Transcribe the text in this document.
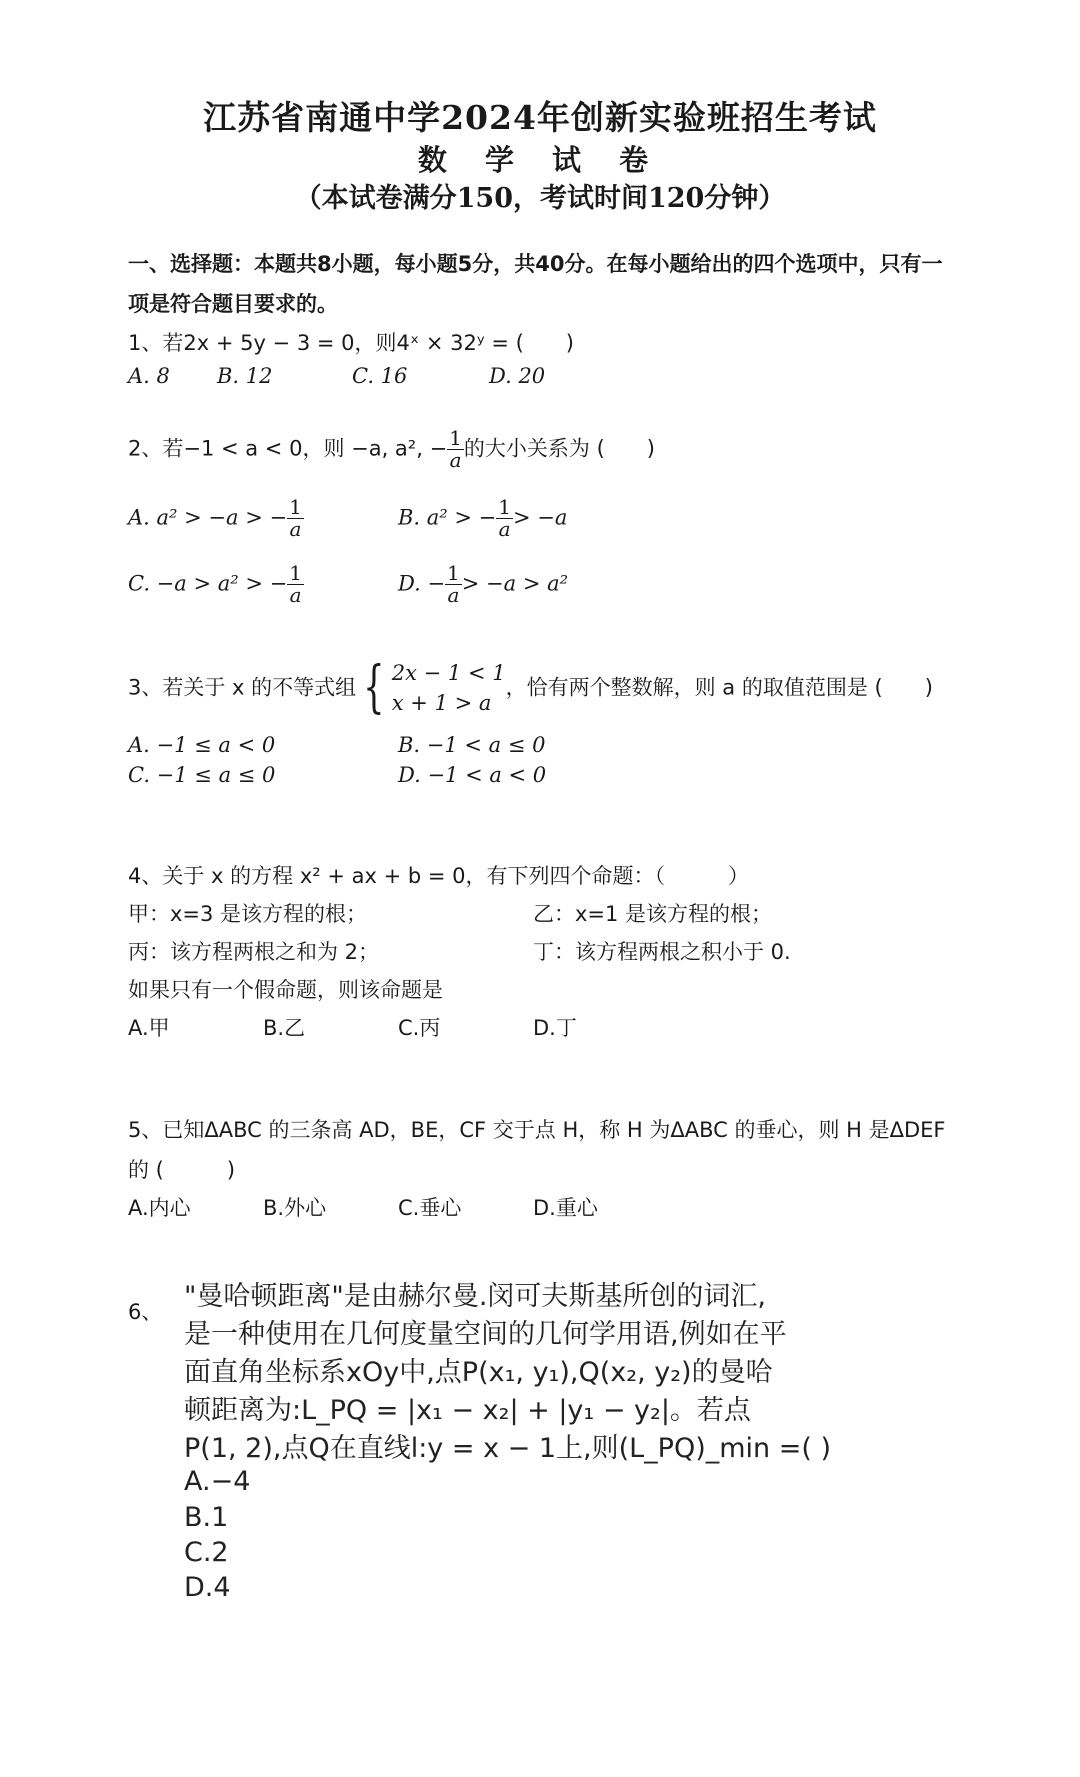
江苏省南通中学2024年创新实验班招生考试
数 学 试 卷
（本试卷满分150，考试时间120分钟）
一、选择题：本题共8小题，每小题5分，共40分。在每小题给出的四个选项中，只有一
项是符合题目要求的。
1、若2x + 5y − 3 = 0，则4ˣ × 32ʸ = (　　)
A. 8 B. 12	C. 16	D. 20
2、若−1 < a < 0，则 −a, a², − $\frac{1}{a}$ 的大小关系为 (　　)
A. a² > −a > − $\frac{1}{a}$	B. a² > − $\frac{1}{a} > -a$
C. −a > a² > − $\frac{1}{a}$	D. − $\frac{1}{a} > -a > a^2$
3、若关于 x 的不等式组 { 2x − 1 < 1
x + 1 > a
，恰有两个整数解，则 a 的取值范围是 (　　)
A. −1 ≤ a < 0	B. −1 < a ≤ 0
C. −1 ≤ a ≤ 0	D. −1 < a < 0
4、关于 x 的方程 x² + ax + b = 0，有下列四个命题：（　　　）
甲：x=3 是该方程的根；	乙：x=1 是该方程的根；
丙：该方程两根之和为 2；	丁：该方程两根之积小于 0.
如果只有一个假命题，则该命题是
A.甲	B.乙	C.丙	D.丁
5、已知ΔABC 的三条高 AD，BE，CF 交于点 H，称 H 为ΔABC 的垂心，则 H 是ΔDEF
的 (　　　)
A.内心	B.外心	C.垂心	D.重心
6、 "曼哈顿距离"是由赫尔曼.闵可夫斯基所创的词汇,
是一种使用在几何度量空间的几何学用语,例如在平
面直角坐标系xOy中,点P(x₁, y₁),Q(x₂, y₂)的曼哈
顿距离为:L_PQ = |x₁ − x₂| + |y₁ − y₂|。若点
P(1, 2),点Q在直线l:y = x − 1上,则(L_PQ)_min =( )
A.−4
B.1
C.2
D.4
